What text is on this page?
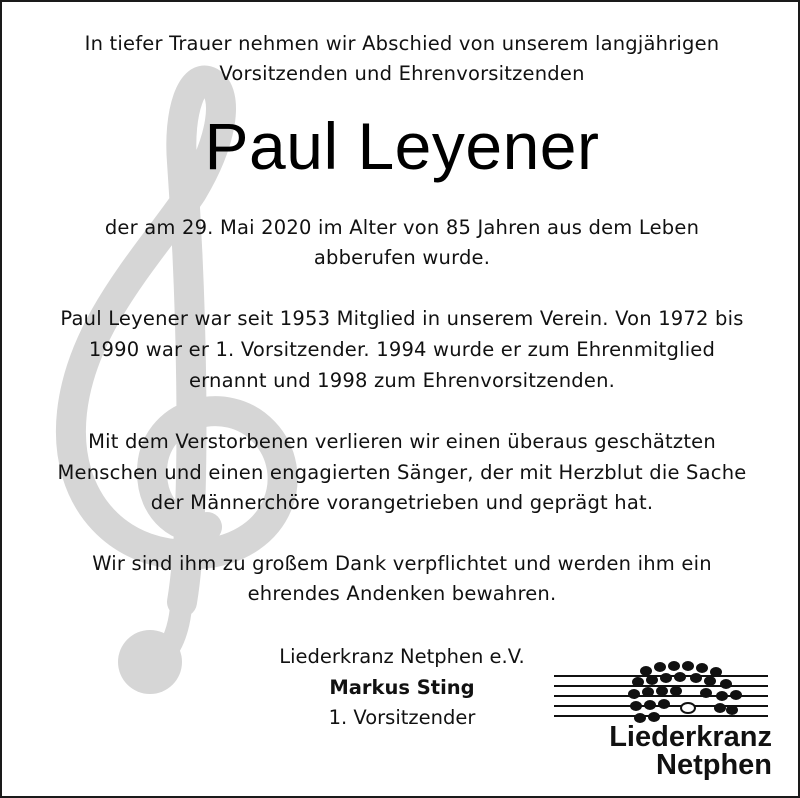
In tiefer Trauer nehmen wir Abschied von unserem langjährigen
Vorsitzenden und Ehrenvorsitzenden
Paul Leyener
der am 29. Mai 2020 im Alter von 85 Jahren aus dem Leben
abberufen wurde.
Paul Leyener war seit 1953 Mitglied in unserem Verein. Von 1972 bis
1990 war er 1. Vorsitzender. 1994 wurde er zum Ehrenmitglied
ernannt und 1998 zum Ehrenvorsitzenden.
Mit dem Verstorbenen verlieren wir einen überaus geschätzten
Menschen und einen engagierten Sänger, der mit Herzblut die Sache
der Männerchöre vorangetrieben und geprägt hat.
Wir sind ihm zu großem Dank verpflichtet und werden ihm ein
ehrendes Andenken bewahren.
Liederkranz Netphen e.V.
Markus Sting
1. Vorsitzender
Liederkranz
Netphen
